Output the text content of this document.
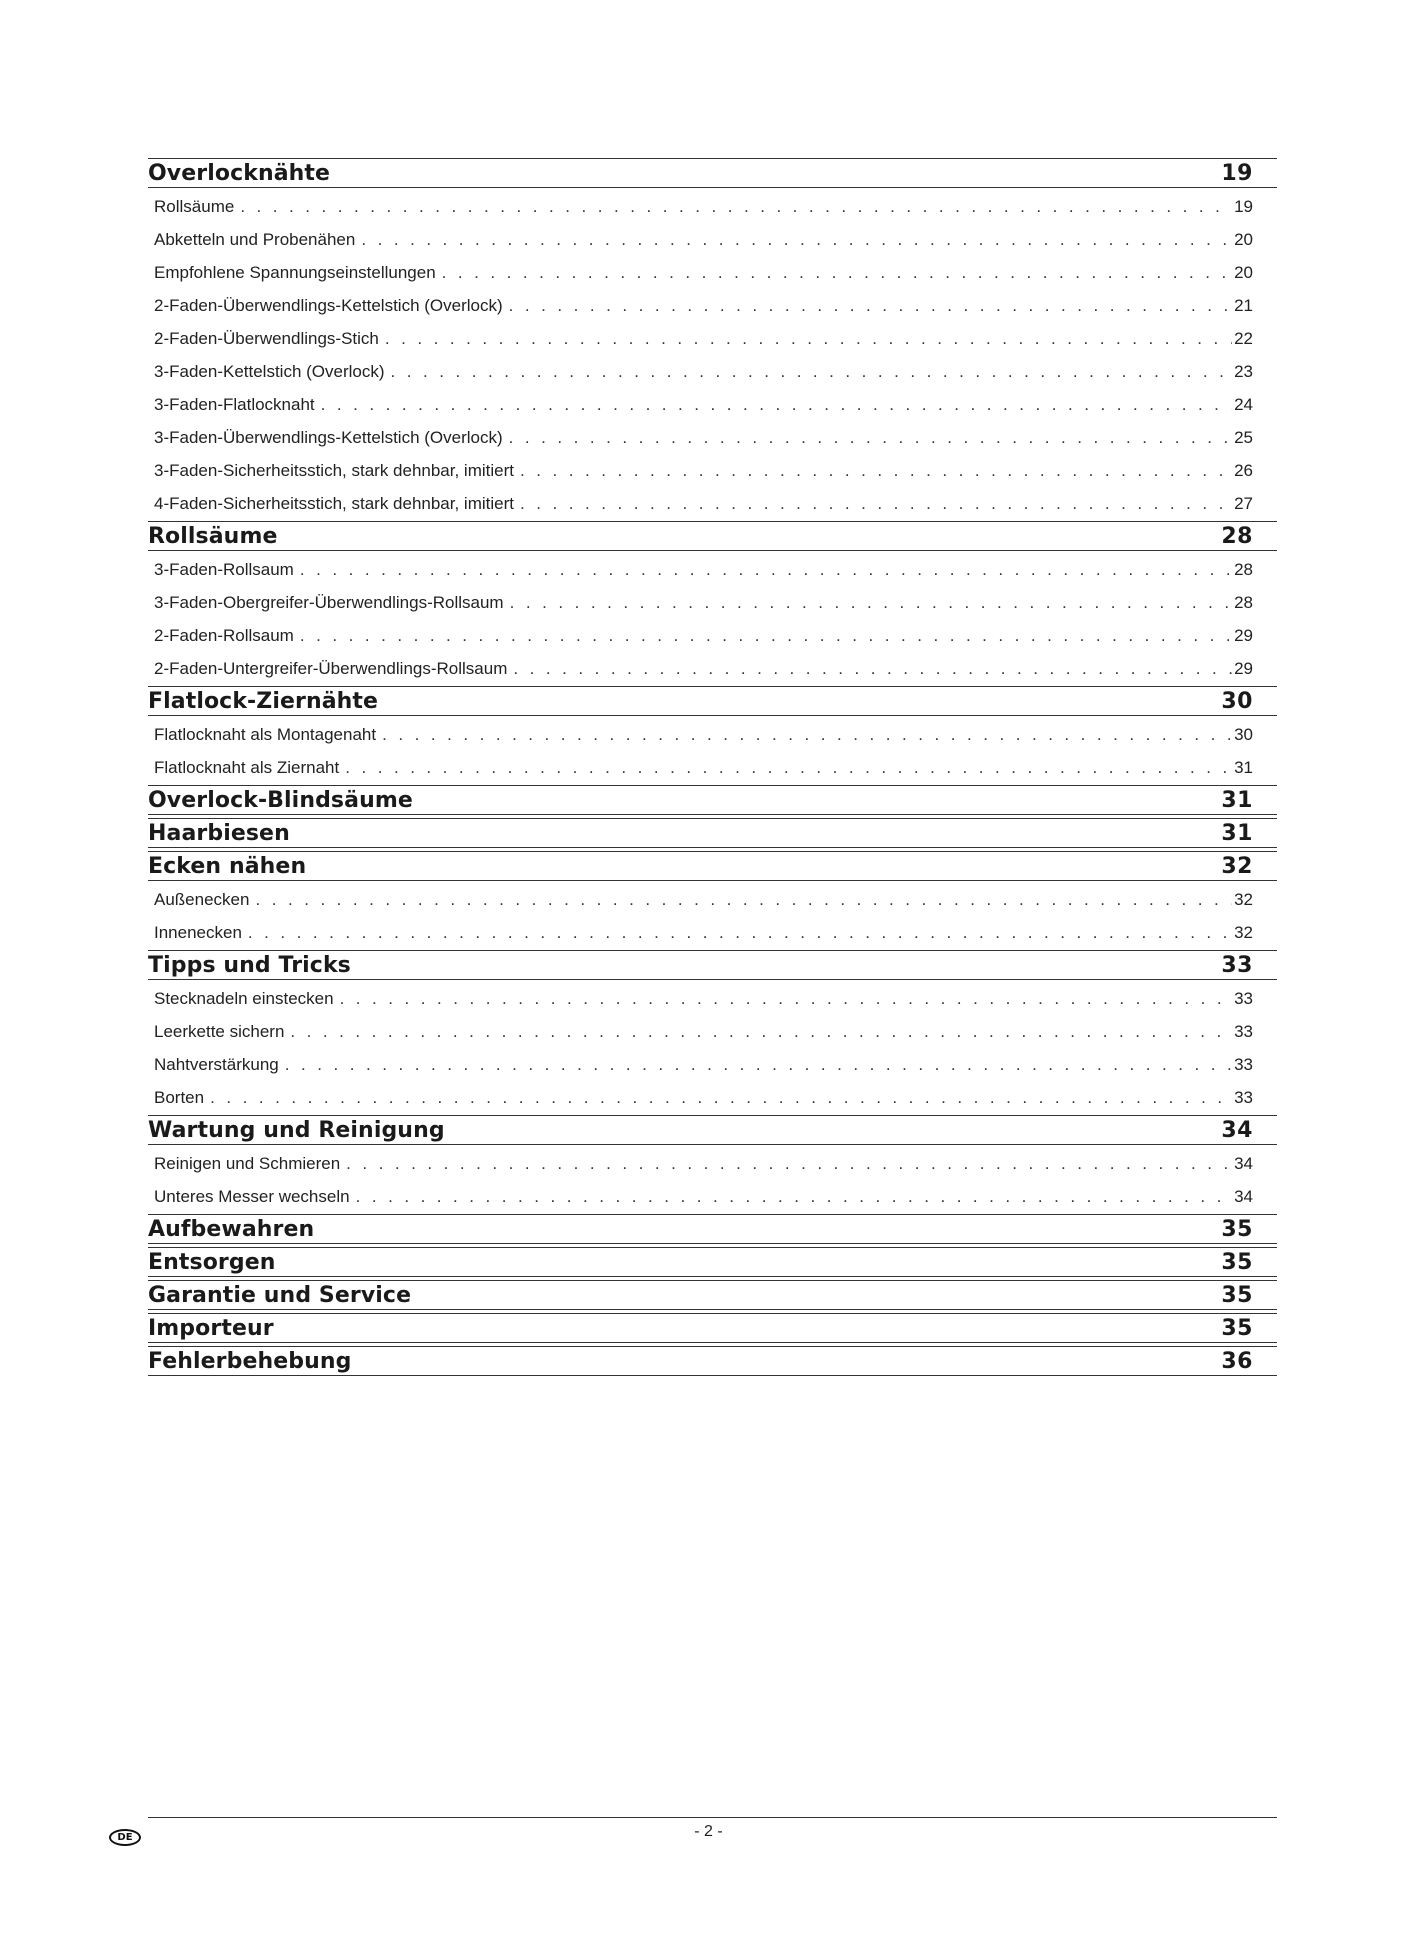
Overlocknähte	19
Rollsäume . . .	19
Abketteln und Probenähen . . .	20
Empfohlene Spannungseinstellungen . . .	20
2-Faden-Überwendlings-Kettelstich (Overlock) . . .	21
2-Faden-Überwendlings-Stich . . .	22
3-Faden-Kettelstich (Overlock) . . .	23
3-Faden-Flatlocknaht . . .	24
3-Faden-Überwendlings-Kettelstich (Overlock) . . .	25
3-Faden-Sicherheitsstich, stark dehnbar, imitiert . . .	26
4-Faden-Sicherheitsstich, stark dehnbar, imitiert . . .	27
Rollsäume	28
3-Faden-Rollsaum . . .	28
3-Faden-Obergreifer-Überwendlings-Rollsaum . . .	28
2-Faden-Rollsaum . . .	29
2-Faden-Untergreifer-Überwendlings-Rollsaum . . .	29
Flatlock-Ziernähte	30
Flatlocknaht als Montagenaht . . .	30
Flatlocknaht als Ziernaht . . .	31
Overlock-Blindsäume	31
Haarbiesen	31
Ecken nähen	32
Außenecken . . .	32
Innenecken . . .	32
Tipps und Tricks	33
Stecknadeln einstecken . . .	33
Leerkette sichern . . .	33
Nahtverstärkung . . .	33
Borten . . .	33
Wartung und Reinigung	34
Reinigen und Schmieren . . .	34
Unteres Messer wechseln . . .	34
Aufbewahren	35
Entsorgen	35
Garantie und Service	35
Importeur	35
Fehlerbehebung	36
DE	- 2 -
